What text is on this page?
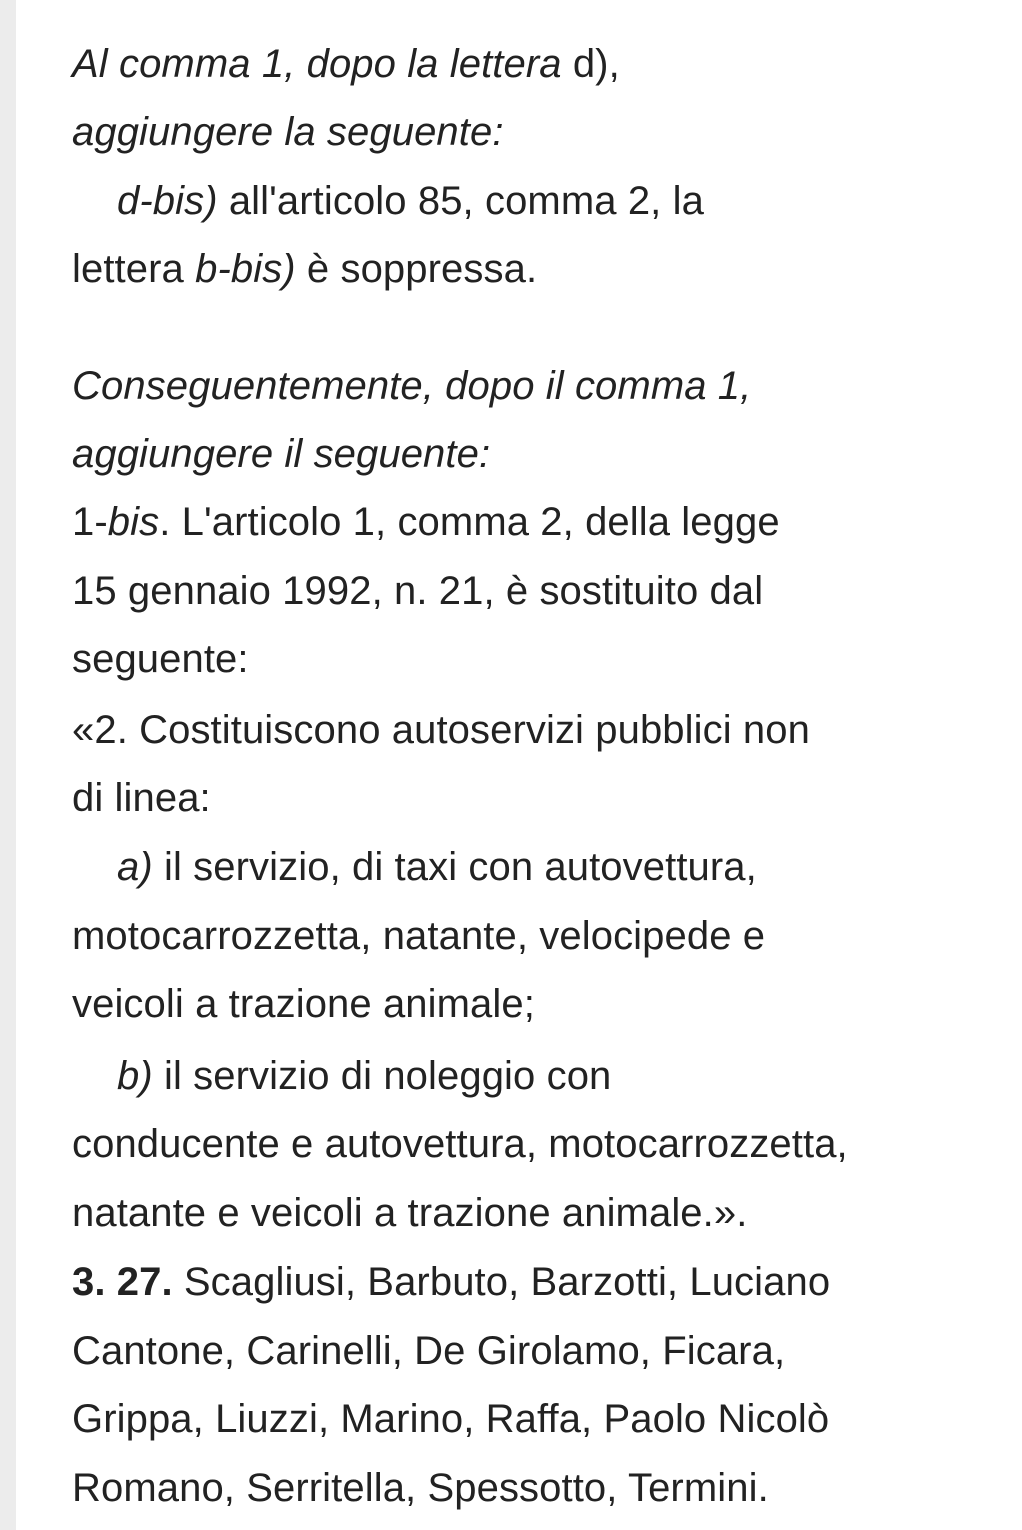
Al comma 1, dopo la lettera d),
aggiungere la seguente:
d-bis) all'articolo 85, comma 2, la
lettera b-bis) è soppressa.
Conseguentemente, dopo il comma 1,
aggiungere il seguente:
1-bis. L'articolo 1, comma 2, della legge
15 gennaio 1992, n. 21, è sostituito dal
seguente:
«2. Costituiscono autoservizi pubblici non
di linea:
a) il servizio, di taxi con autovettura,
motocarrozzetta, natante, velocipede e
veicoli a trazione animale;
b) il servizio di noleggio con
conducente e autovettura, motocarrozzetta,
natante e veicoli a trazione animale.».
3. 27. Scagliusi, Barbuto, Barzotti, Luciano
Cantone, Carinelli, De Girolamo, Ficara,
Grippa, Liuzzi, Marino, Raffa, Paolo Nicolò
Romano, Serritella, Spessotto, Termini.
